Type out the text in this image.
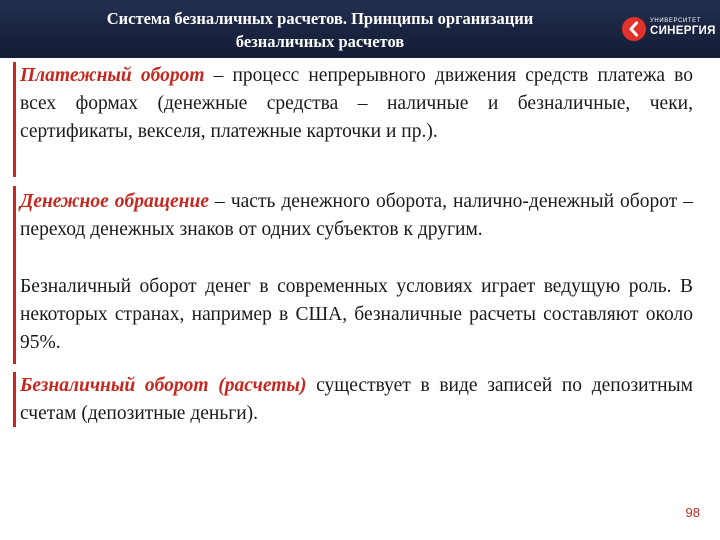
Система безналичных расчетов. Принципы организации
безналичных расчетов
УНИВЕРСИТЕТ
СИНЕРГИЯ
Платежный оборот – процесс непрерывного движения средств платежа во всех формах (денежные средства – наличные и безналичные, чеки, сертификаты, векселя, платежные карточки и пр.).
Денежное обращение – часть денежного оборота, налично-денежный оборот – переход денежных знаков от одних субъектов к другим.
Безналичный оборот денег в современных условиях играет ведущую роль. В некоторых странах, например в США, безналичные расчеты составляют около 95%.
Безналичный оборот (расчеты) существует в виде записей по депозитным счетам (депозитные деньги).
98
